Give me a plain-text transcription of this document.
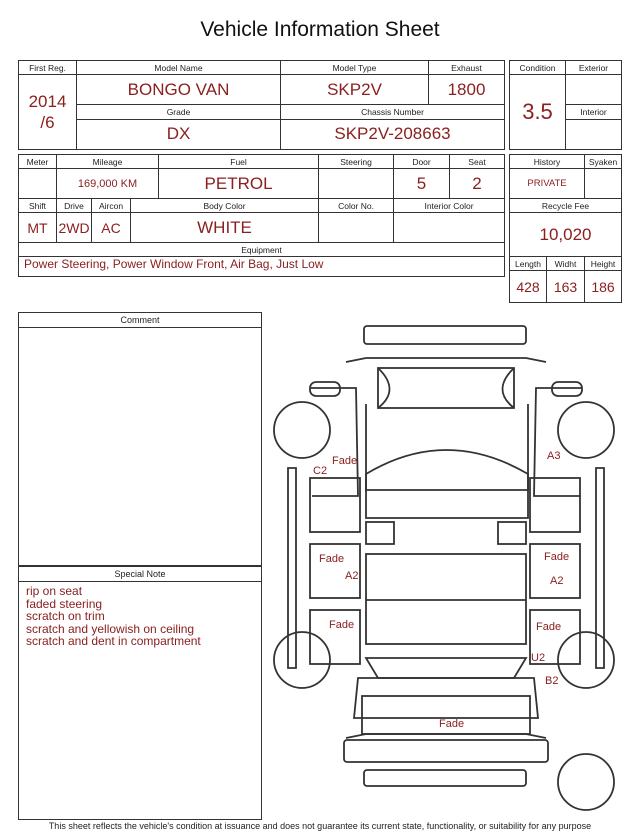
Vehicle Information Sheet
First Reg.	Model Name	Model Type	Exhaust
2014
/6	BONGO VAN	SKP2V	1800
	Grade	Chassis Number	
	DX	SKP2V-208663	
Condition	Exterior
3.5	
	Interior

Meter	Mileage			Fuel	Steering	Door	Seat
	169,000 KM			PETROL		5	2
Shift	Drive	Aircon	Body Color		Color No.	Interior Color	
MT	2WD	AC	WHITE				
Equipment							
Power Steering, Power Window Front, Air Bag, Just Low							
History		Syaken
PRIVATE		
Recycle Fee		
10,020		
Length	Widht	Height
428	163	186
Comment
Special Note
rip on seat
faded steering
scratch on trim
scratch and yellowish on ceiling
scratch and dent in compartment
Fade
C2
A3
Fade
A2
Fade
A2
Fade	Fade
U2
B2
Fade
This sheet reflects the vehicle's condition at issuance and does not guarantee its current state, functionality, or suitability for any purpose
